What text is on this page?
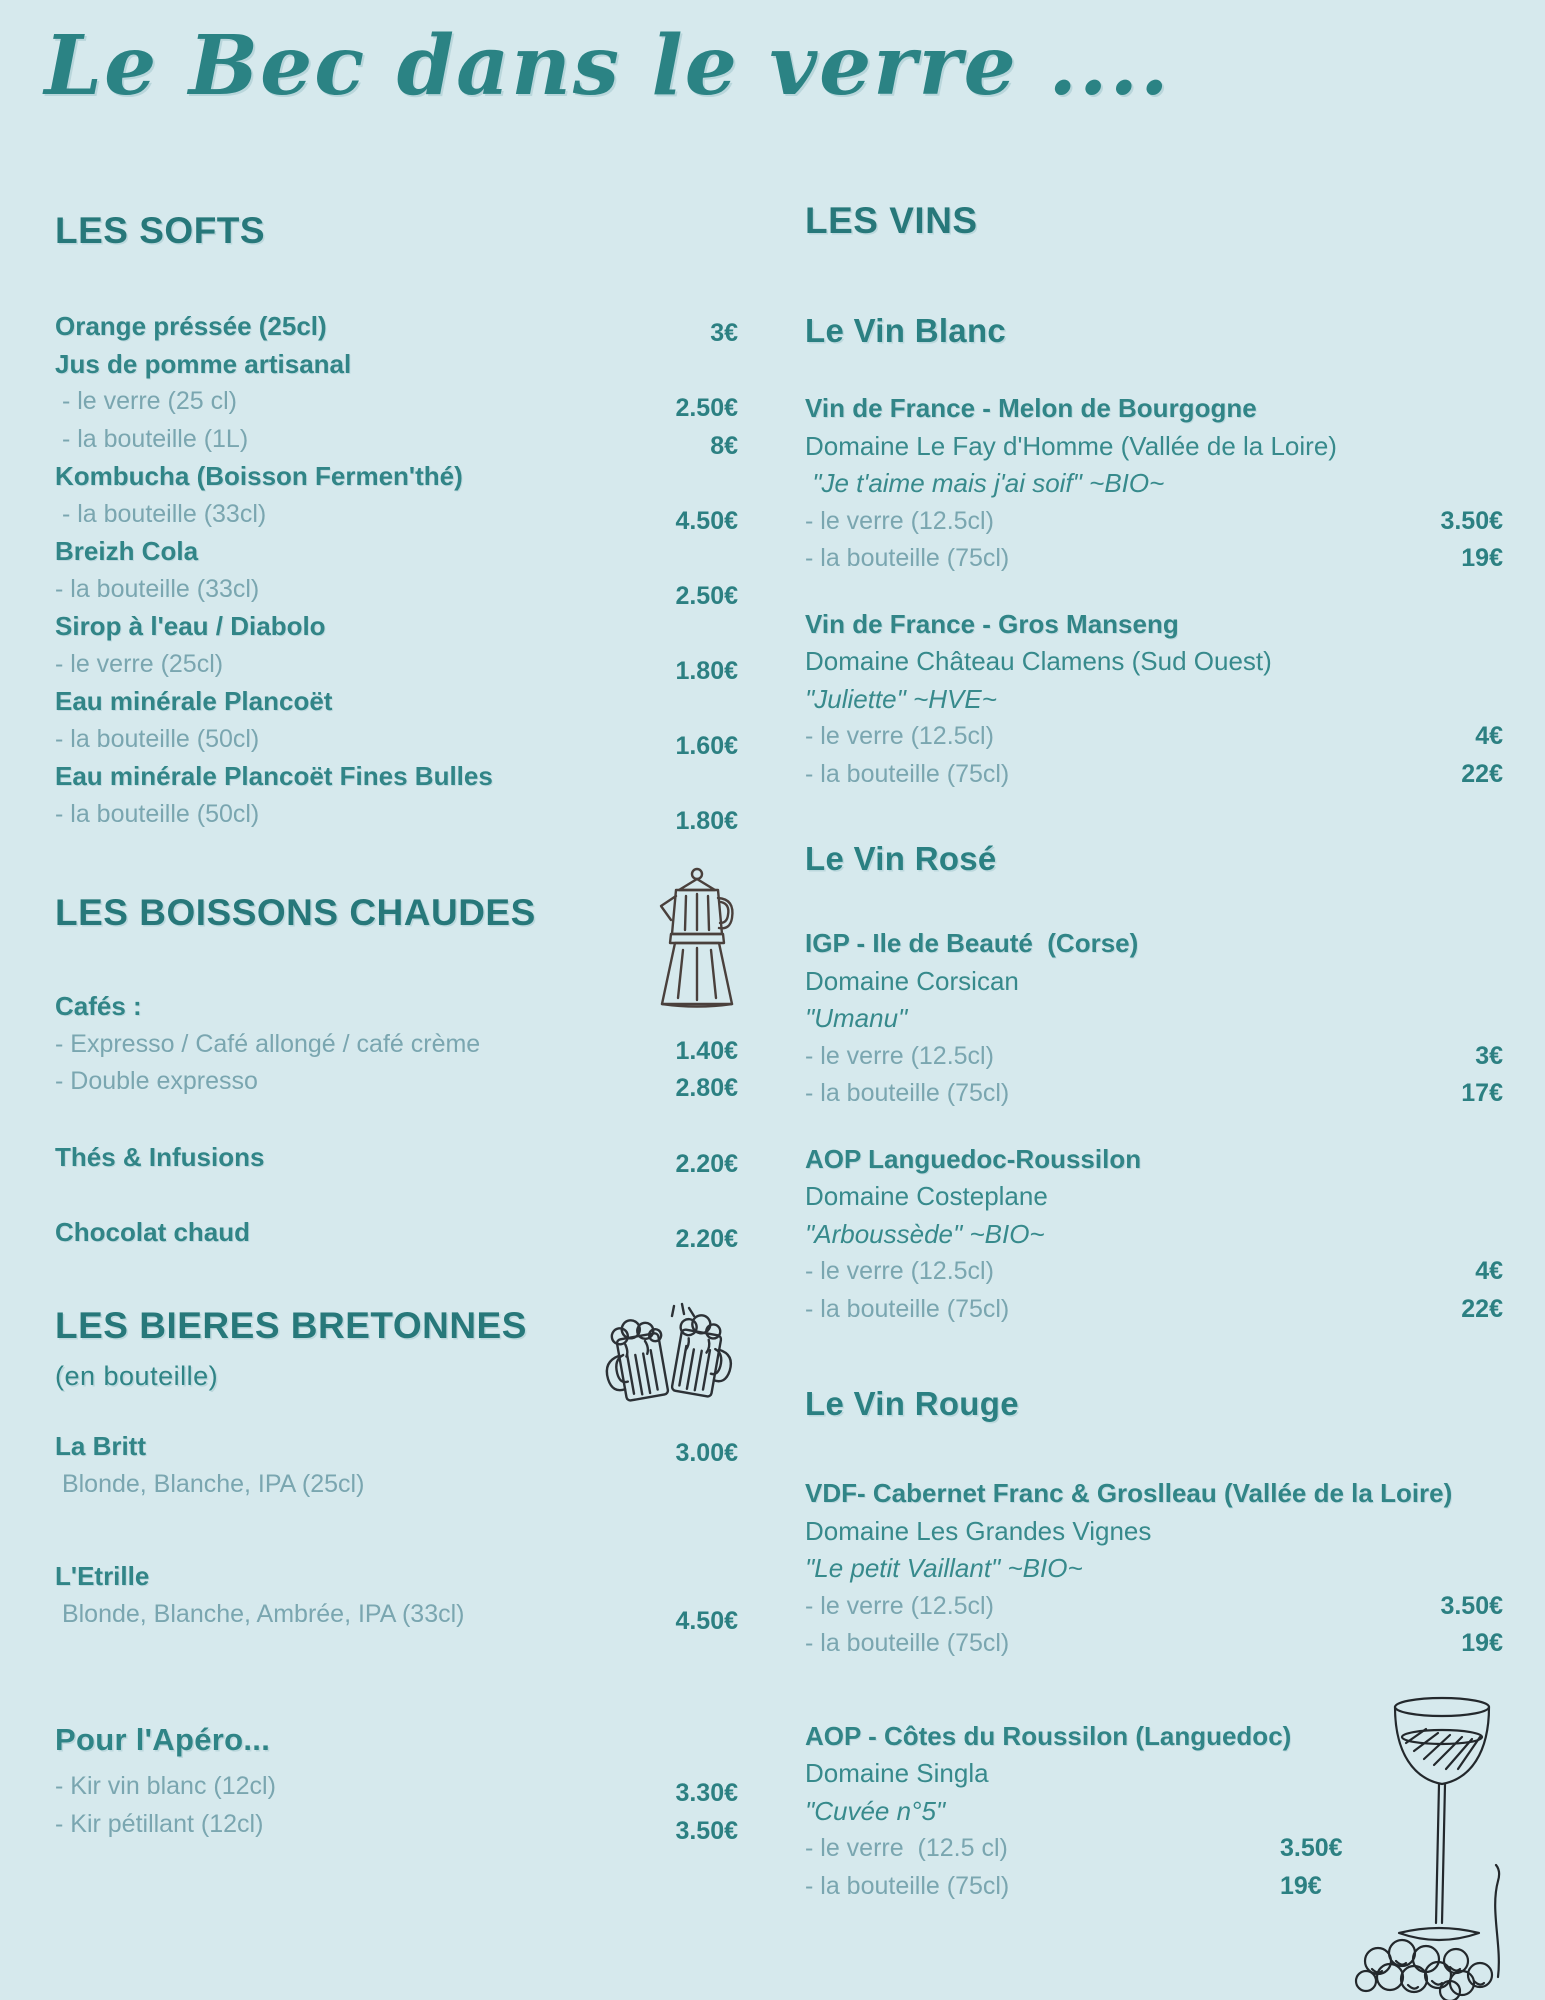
Le Bec dans le verre ....
LES SOFTS
Orange préssée (25cl)	3€
Jus de pomme artisanal
- le verre (25 cl)	2.50€
- la bouteille (1L)	8€
Kombucha (Boisson Fermen'thé)
- la bouteille (33cl)	4.50€
Breizh Cola
- la bouteille (33cl)	2.50€
Sirop à l'eau / Diabolo
- le verre (25cl)	1.80€
Eau minérale Plancoët
- la bouteille (50cl)	1.60€
Eau minérale Plancoët Fines Bulles
- la bouteille (50cl)	1.80€
LES BOISSONS CHAUDES
Cafés :
- Expresso / Café allongé / café crème	1.40€
- Double expresso	2.80€
Thés & Infusions	2.20€
Chocolat chaud	2.20€
LES BIERES BRETONNES
(en bouteille)
La Britt	3.00€
Blonde, Blanche, IPA (25cl)
L'Etrille
Blonde, Blanche, Ambrée, IPA (33cl)	4.50€
Pour l'Apéro...
- Kir vin blanc (12cl)	3.30€
- Kir pétillant (12cl)	3.50€
LES VINS
Le Vin Blanc
Vin de France - Melon de Bourgogne
Domaine Le Fay d'Homme (Vallée de la Loire)
"Je t'aime mais j'ai soif" ~BIO~
- le verre (12.5cl)	3.50€
- la bouteille (75cl)	19€
Vin de France - Gros Manseng
Domaine Château Clamens (Sud Ouest)
"Juliette" ~HVE~
- le verre (12.5cl)	4€
- la bouteille (75cl)	22€
Le Vin Rosé
IGP - Ile de Beauté  (Corse)
Domaine Corsican
"Umanu"
- le verre (12.5cl)	3€
- la bouteille (75cl)	17€
AOP Languedoc-Roussilon
Domaine Costeplane
"Arboussède" ~BIO~
- le verre (12.5cl)	4€
- la bouteille (75cl)	22€
Le Vin Rouge
VDF- Cabernet Franc & Groslleau (Vallée de la Loire)
Domaine Les Grandes Vignes
"Le petit Vaillant" ~BIO~
- le verre (12.5cl)	3.50€
- la bouteille (75cl)	19€
AOP - Côtes du Roussilon (Languedoc)
Domaine Singla
"Cuvée n°5"
- le verre  (12.5 cl)	3.50€
- la bouteille (75cl)	19€
